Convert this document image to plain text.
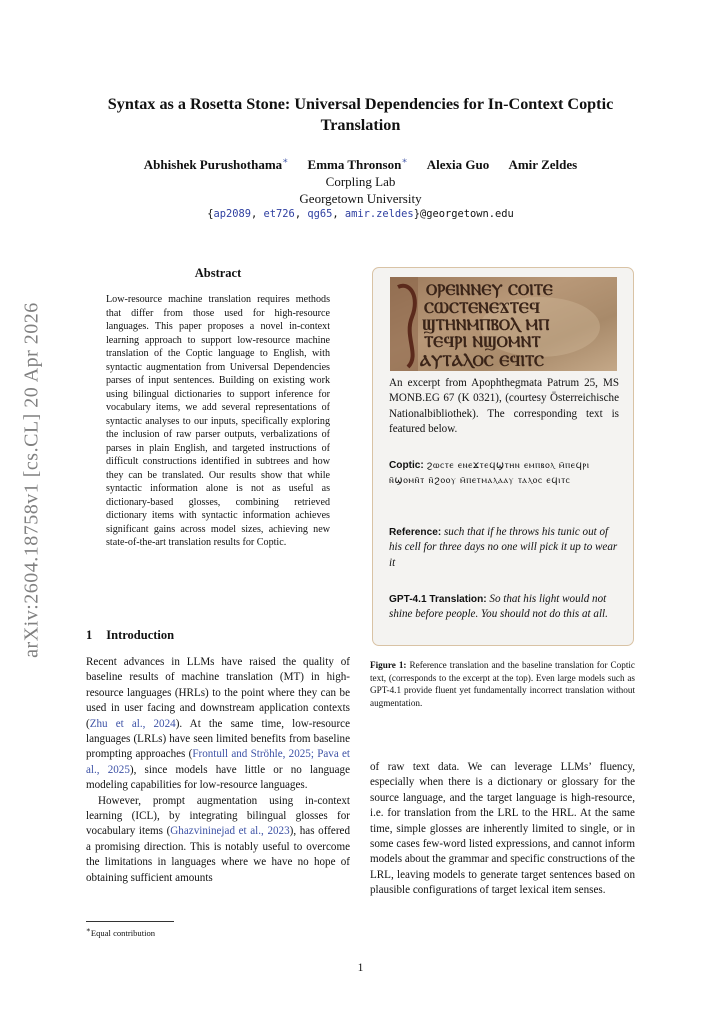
arXiv:2604.18758v1 [cs.CL] 20 Apr 2026
Syntax as a Rosetta Stone: Universal Dependencies for In-Context Coptic Translation
Abhishek Purushothama∗ Emma Thronson∗ Alexia Guo Amir Zeldes
Corpling Lab
Georgetown University
{ap2089, et726, qg65, amir.zeldes}@georgetown.edu
Abstract
Low-resource machine translation requires methods that differ from those used for high-resource languages. This paper proposes a novel in-context learning approach to support low-resource machine translation of the Coptic language to English, with syntactic augmentation from Universal Dependencies parses of input sentences. Building on existing work using bilingual dictionaries to support inference for vocabulary items, we add several representations of syntactic analyses to our inputs, specifically exploring the inclusion of raw parser outputs, verbalizations of parses in plain English, and targeted instructions of difficult constructions identified in subtrees and how they can be translated. Our results show that while syntactic information alone is not as useful as dictionary-based glosses, combining retrieved dictionary items with syntactic information achieves significant gains across model sizes, achieving new state-of-the-art translation results for Coptic.
1 Introduction

Recent advances in LLMs have raised the quality of baseline results of machine translation (MT) in high-resource languages (HRLs) to the point where they can be used in user facing and downstream application contexts (Zhu et al., 2024). At the same time, low-resource languages (LRLs) have seen limited benefits from baseline prompting approaches (Frontull and Ströhle, 2025; Pava et al., 2025), since models have little or no language modeling capabilities for low-resource languages.

However, prompt augmentation using in-context learning (ICL), by integrating bilingual glosses for vocabulary items (Ghazvininejad et al., 2023), has offered a promising direction. This is notably useful to overcome the limitations in languages where we have no hope of obtaining sufficient amounts

∗Equal contribution
ⲞⲢⲈⲒⲚⲚⲈⲨ ⲤⲞⲒⲦⲈ
ⲤⲰⲤⲦⲈⲚⲈϪⲦⲈϤ
ϢⲦⲎⲚⲘⲠⲂⲞⲖ ⲘⲠ
ⲦⲈϤⲢⲒ ⲚϢⲞⲘⲚⲦ
ⲀⲨⲦⲀⲖⲞⲤ ⲈϤⲒⲦⲤ
An excerpt from Apophthegmata Patrum 25, MS MONB.EG 67 (K 0321), (courtesy Österreichische Nationalbibliothek). The corresponding text is featured below.
Coptic: ϩⲱⲥⲧⲉ ⲉⲛⲉϫⲧⲉϥϣⲧⲏⲛ ⲉⲙⲡⲃⲟⲗ ⲙ̄ⲡⲉϥⲣⲓ ⲛ̄ϣⲟⲙⲛ̄ⲧ ⲛ̄ϩⲟⲟⲩ ⲙ̄ⲡⲉⲧⲙⲁⲗⲁⲁⲩ ⲧⲁⲗⲟⲥ ⲉϥⲓⲧⲥ
Reference: such that if he throws his tunic out of his cell for three days no one will pick it up to wear it
GPT-4.1 Translation: So that his light would not shine before people. You should not do this at all.
Figure 1: Reference translation and the baseline translation for Coptic text, (corresponds to the excerpt at the top). Even large models such as GPT-4.1 provide fluent yet fundamentally incorrect translation without augmentation.
of raw text data. We can leverage LLMs’ fluency, especially when there is a dictionary or glossary for the source language, and the target language is high-resource, i.e. for translation from the LRL to the HRL. At the same time, simple glosses are inherently limited to single, or in some cases few-word listed expressions, and cannot inform models about the grammar and specific constructions of the LRL, leaving models to generate target sentences based on plausible configurations of target lexical item senses.
1
